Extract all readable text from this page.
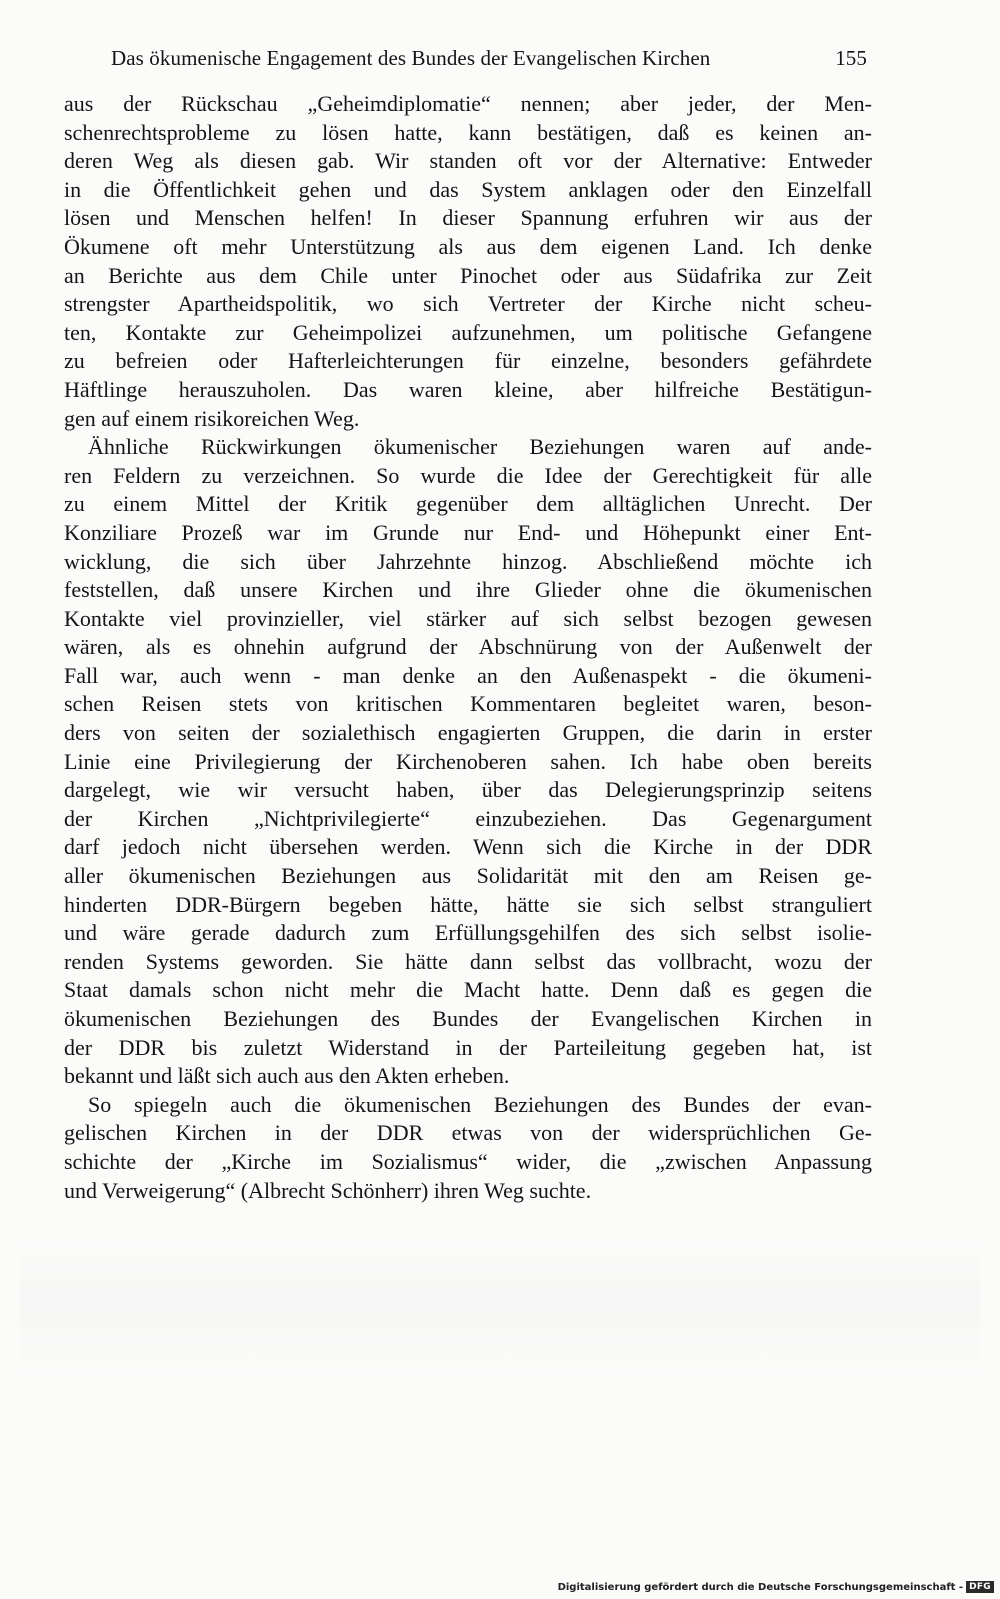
Das ökumenische Engagement des Bundes der Evangelischen Kirchen	155
aus der Rückschau „Geheimdiplomatie“ nennen; aber jeder, der Men-
schenrechtsprobleme zu lösen hatte, kann bestätigen, daß es keinen an-
deren Weg als diesen gab. Wir standen oft vor der Alternative: Entweder
in die Öffentlichkeit gehen und das System anklagen oder den Einzelfall
lösen und Menschen helfen! In dieser Spannung erfuhren wir aus der
Ökumene oft mehr Unterstützung als aus dem eigenen Land. Ich denke
an Berichte aus dem Chile unter Pinochet oder aus Südafrika zur Zeit
strengster Apartheidspolitik, wo sich Vertreter der Kirche nicht scheu-
ten, Kontakte zur Geheimpolizei aufzunehmen, um politische Gefangene
zu befreien oder Hafterleichterungen für einzelne, besonders gefährdete
Häftlinge herauszuholen. Das waren kleine, aber hilfreiche Bestätigun-
gen auf einem risikoreichen Weg.
Ähnliche Rückwirkungen ökumenischer Beziehungen waren auf ande-
ren Feldern zu verzeichnen. So wurde die Idee der Gerechtigkeit für alle
zu einem Mittel der Kritik gegenüber dem alltäglichen Unrecht. Der
Konziliare Prozeß war im Grunde nur End- und Höhepunkt einer Ent-
wicklung, die sich über Jahrzehnte hinzog. Abschließend möchte ich
feststellen, daß unsere Kirchen und ihre Glieder ohne die ökumenischen
Kontakte viel provinzieller, viel stärker auf sich selbst bezogen gewesen
wären, als es ohnehin aufgrund der Abschnürung von der Außenwelt der
Fall war, auch wenn - man denke an den Außenaspekt - die ökumeni-
schen Reisen stets von kritischen Kommentaren begleitet waren, beson-
ders von seiten der sozialethisch engagierten Gruppen, die darin in erster
Linie eine Privilegierung der Kirchenoberen sahen. Ich habe oben bereits
dargelegt, wie wir versucht haben, über das Delegierungsprinzip seitens
der Kirchen „Nichtprivilegierte“ einzubeziehen. Das Gegenargument
darf jedoch nicht übersehen werden. Wenn sich die Kirche in der DDR
aller ökumenischen Beziehungen aus Solidarität mit den am Reisen ge-
hinderten DDR-Bürgern begeben hätte, hätte sie sich selbst stranguliert
und wäre gerade dadurch zum Erfüllungsgehilfen des sich selbst isolie-
renden Systems geworden. Sie hätte dann selbst das vollbracht, wozu der
Staat damals schon nicht mehr die Macht hatte. Denn daß es gegen die
ökumenischen Beziehungen des Bundes der Evangelischen Kirchen in
der DDR bis zuletzt Widerstand in der Parteileitung gegeben hat, ist
bekannt und läßt sich auch aus den Akten erheben.
So spiegeln auch die ökumenischen Beziehungen des Bundes der evan-
gelischen Kirchen in der DDR etwas von der widersprüchlichen Ge-
schichte der „Kirche im Sozialismus“ wider, die „zwischen Anpassung
und Verweigerung“ (Albrecht Schönherr) ihren Weg suchte.
Digitalisierung gefördert durch die Deutsche Forschungsgemeinschaft - DFG
